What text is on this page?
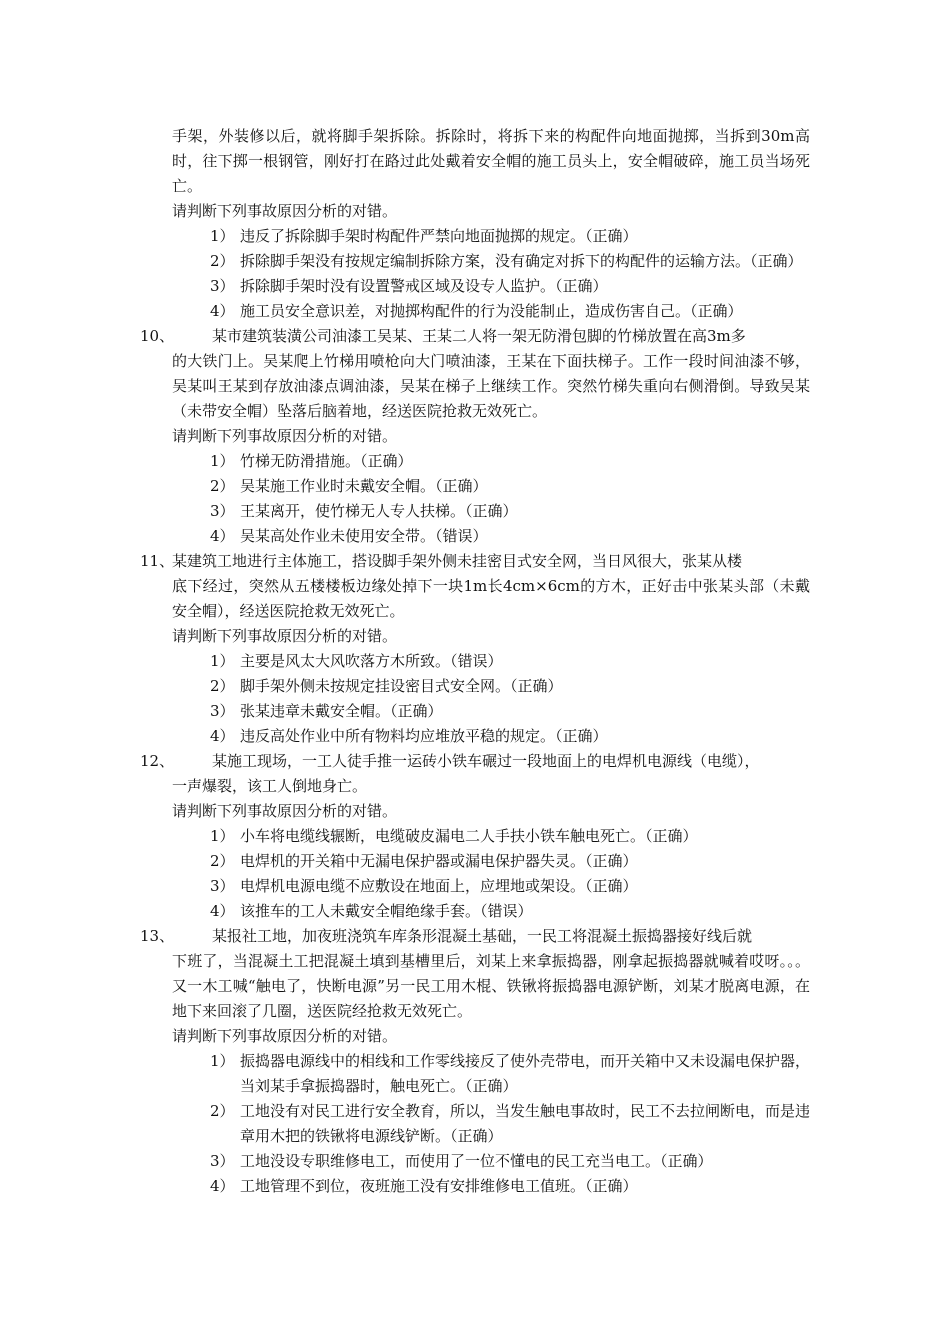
手架，外装修以后，就将脚手架拆除。拆除时，将拆下来的构配件向地面抛掷，当拆到30m高时，往下掷一根钢管，刚好打在路过此处戴着安全帽的施工员头上，安全帽破碎，施工员当场死亡。

请判断下列事故原因分析的对错。

1） 违反了拆除脚手架时构配件严禁向地面抛掷的规定。（正确）
2） 拆除脚手架没有按规定编制拆除方案，没有确定对拆下的构配件的运输方法。（正确）
3） 拆除脚手架时没有设置警戒区域及设专人监护。（正确）
4） 施工员安全意识差，对抛掷构配件的行为没能制止，造成伤害自己。（正确）
10、	某市建筑装潢公司油漆工吴某、王某二人将一架无防滑包脚的竹梯放置在高3m多

的大铁门上。吴某爬上竹梯用喷枪向大门喷油漆，王某在下面扶梯子。工作一段时间油漆不够，吴某叫王某到存放油漆点调油漆，吴某在梯子上继续工作。突然竹梯失重向右侧滑倒。导致吴某（未带安全帽）坠落后脑着地，经送医院抢救无效死亡。

请判断下列事故原因分析的对错。

1） 竹梯无防滑措施。（正确）
2） 吴某施工作业时未戴安全帽。（正确）
3） 王某离开，使竹梯无人专人扶梯。（正确）
4） 吴某高处作业未使用安全带。（错误）
11、
某建筑工地进行主体施工，搭设脚手架外侧未挂密目式安全网，当日风很大，张某从楼

底下经过，突然从五楼楼板边缘处掉下一块1m长4cm×6cm的方木，正好击中张某头部（未戴安全帽），经送医院抢救无效死亡。

请判断下列事故原因分析的对错。

1） 主要是风太大风吹落方木所致。（错误）
2） 脚手架外侧未按规定挂设密目式安全网。（正确）
3） 张某违章未戴安全帽。（正确）
4） 违反高处作业中所有物料均应堆放平稳的规定。（正确）
12、	某施工现场，一工人徒手推一运砖小铁车碾过一段地面上的电焊机电源线（电缆），

一声爆裂，该工人倒地身亡。

请判断下列事故原因分析的对错。

1） 小车将电缆线辗断，电缆破皮漏电二人手扶小铁车触电死亡。（正确）
2） 电焊机的开关箱中无漏电保护器或漏电保护器失灵。（正确）
3） 电焊机电源电缆不应敷设在地面上，应埋地或架设。（正确）
4） 该推车的工人未戴安全帽绝缘手套。（错误）
13、	某报社工地，加夜班浇筑车库条形混凝土基础，一民工将混凝土振捣器接好线后就

下班了，当混凝土工把混凝土填到基槽里后，刘某上来拿振捣器，刚拿起振捣器就喊着哎呀。。。又一木工喊“触电了，快断电源”另一民工用木棍、铁锹将振捣器电源铲断，刘某才脱离电源，在地下来回滚了几圈，送医院经抢救无效死亡。

请判断下列事故原因分析的对错。

1） 振捣器电源线中的相线和工作零线接反了使外壳带电，而开关箱中又未设漏电保护器，当刘某手拿振捣器时，触电死亡。（正确）
2） 工地没有对民工进行安全教育，所以，当发生触电事故时，民工不去拉闸断电，而是违章用木把的铁锹将电源线铲断。（正确）
3） 工地没设专职维修电工，而使用了一位不懂电的民工充当电工。（正确）
4） 工地管理不到位，夜班施工没有安排维修电工值班。（正确）
